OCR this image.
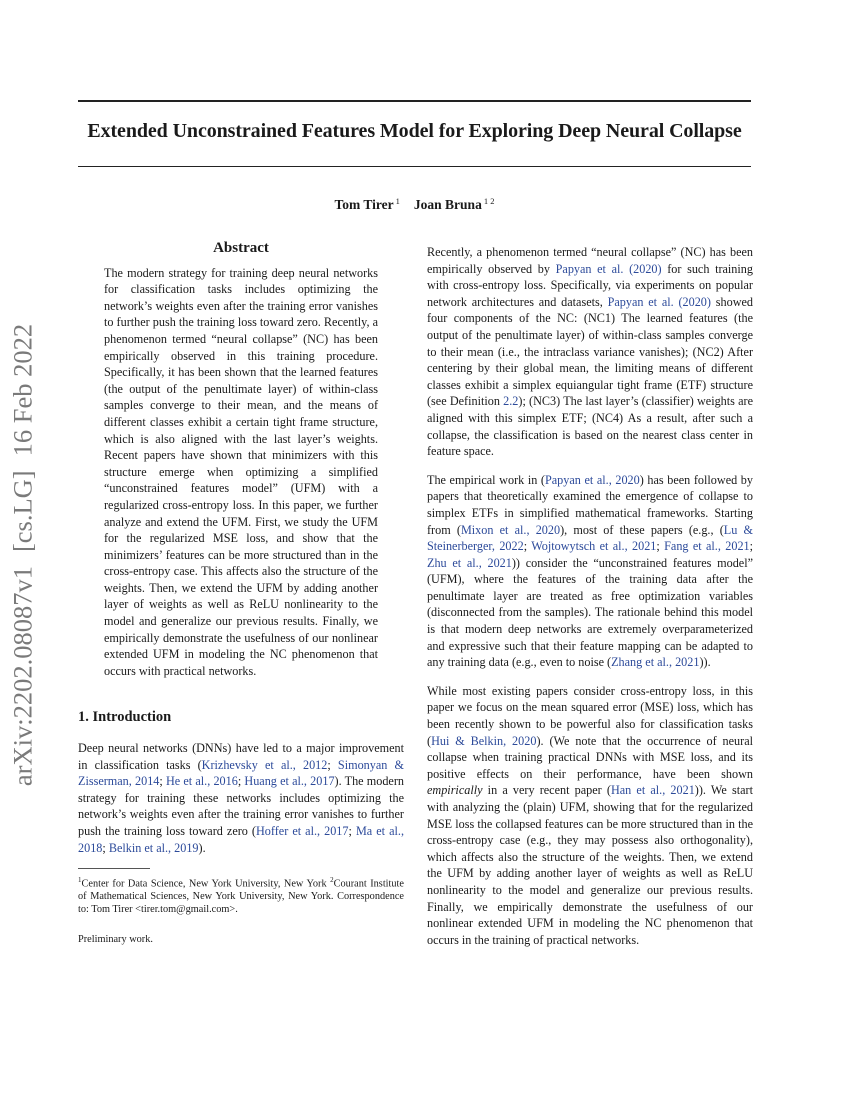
arXiv:2202.08087v1[cs.LG]16 Feb 2022
Extended Unconstrained Features Model for Exploring Deep Neural Collapse
Tom Tirer $^1$ Joan Bruna $^{1 2}$
Abstract

The modern strategy for training deep neural networks for classification tasks includes optimizing the network’s weights even after the training error vanishes to further push the training loss toward zero. Recently, a phenomenon termed “neural collapse” (NC) has been empirically observed in this training procedure. Specifically, it has been shown that the learned features (the output of the penultimate layer) of within-class samples converge to their mean, and the means of different classes exhibit a certain tight frame structure, which is also aligned with the last layer’s weights. Recent papers have shown that minimizers with this structure emerge when optimizing a simplified “unconstrained features model” (UFM) with a regularized cross-entropy loss. In this paper, we further analyze and extend the UFM. First, we study the UFM for the regularized MSE loss, and show that the minimizers’ features can be more structured than in the cross-entropy case. This affects also the structure of the weights. Then, we extend the UFM by adding another layer of weights as well as ReLU nonlinearity to the model and generalize our previous results. Finally, we empirically demonstrate the usefulness of our nonlinear extended UFM in modeling the NC phenomenon that occurs with practical networks.

1. Introduction

Deep neural networks (DNNs) have led to a major improvement in classification tasks (Krizhevsky et al., 2012; Simonyan & Zisserman, 2014; He et al., 2016; Huang et al., 2017). The modern strategy for training these networks includes optimizing the network’s weights even after the training error vanishes to further push the training loss toward zero (Hoffer et al., 2017; Ma et al., 2018; Belkin et al., 2019).

$^1$Center for Data Science, New York University, New York $^2$Courant Institute of Mathematical Sciences, New York University, New York. Correspondence to: Tom Tirer <tirer.tom@gmail.com>.

Preliminary work.

Recently, a phenomenon termed “neural collapse” (NC) has been empirically observed by Papyan et al. (2020) for such training with cross-entropy loss. Specifically, via experiments on popular network architectures and datasets, Papyan et al. (2020) showed four components of the NC: (NC1) The learned features (the output of the penultimate layer) of within-class samples converge to their mean (i.e., the intraclass variance vanishes); (NC2) After centering by their global mean, the limiting means of different classes exhibit a simplex equiangular tight frame (ETF) structure (see Definition 2.2); (NC3) The last layer’s (classifier) weights are aligned with this simplex ETF; (NC4) As a result, after such a collapse, the classification is based on the nearest class center in feature space.

The empirical work in (Papyan et al., 2020) has been followed by papers that theoretically examined the emergence of collapse to simplex ETFs in simplified mathematical frameworks. Starting from (Mixon et al., 2020), most of these papers (e.g., (Lu & Steinerberger, 2022; Wojtowytsch et al., 2021; Fang et al., 2021; Zhu et al., 2021)) consider the “unconstrained features model” (UFM), where the features of the training data after the penultimate layer are treated as free optimization variables (disconnected from the samples). The rationale behind this model is that modern deep networks are extremely overparameterized and expressive such that their feature mapping can be adapted to any training data (e.g., even to noise (Zhang et al., 2021)).

While most existing papers consider cross-entropy loss, in this paper we focus on the mean squared error (MSE) loss, which has been recently shown to be powerful also for classification tasks (Hui & Belkin, 2020). (We note that the occurrence of neural collapse when training practical DNNs with MSE loss, and its positive effects on their performance, have been shown empirically in a very recent paper (Han et al., 2021)). We start with analyzing the (plain) UFM, showing that for the regularized MSE loss the collapsed features can be more structured than in the cross-entropy case (e.g., they may possess also orthogonality), which affects also the structure of the weights. Then, we extend the UFM by adding another layer of weights as well as ReLU nonlinearity to the model and generalize our previous results. Finally, we empirically demonstrate the usefulness of our nonlinear extended UFM in modeling the NC phenomenon that occurs in the training of practical networks.
